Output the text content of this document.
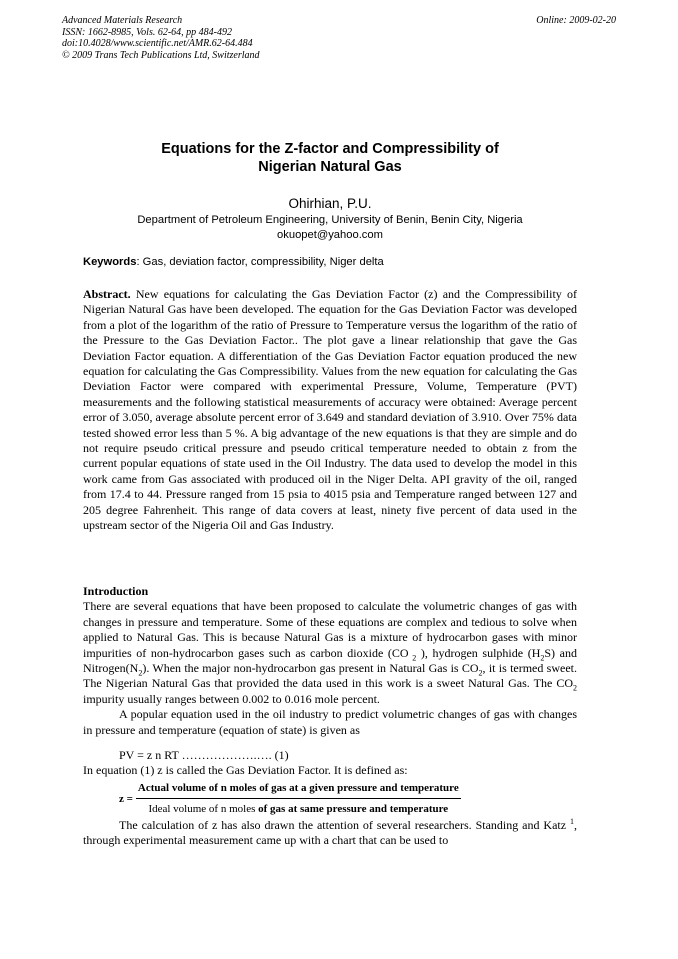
Advanced Materials Research
ISSN: 1662-8985, Vols. 62-64, pp 484-492
doi:10.4028/www.scientific.net/AMR.62-64.484
© 2009 Trans Tech Publications Ltd, Switzerland
Online: 2009-02-20
Equations for the Z-factor and Compressibility of
Nigerian Natural Gas
Ohirhian, P.U.
Department of Petroleum Engineering, University of Benin, Benin City, Nigeria
okuopet@yahoo.com
Keywords: Gas, deviation factor, compressibility, Niger delta
Abstract. New equations for calculating the Gas Deviation Factor (z) and the Compressibility of Nigerian Natural Gas have been developed. The equation for the Gas Deviation Factor was developed from a plot of the logarithm of the ratio of Pressure to Temperature versus the logarithm of the ratio of the Pressure to the Gas Deviation Factor.. The plot gave a linear relationship that gave the Gas Deviation Factor equation. A differentiation of the Gas Deviation Factor equation produced the new equation for calculating the Gas Compressibility. Values from the new equation for calculating the Gas Deviation Factor were compared with experimental Pressure, Volume, Temperature (PVT) measurements and the following statistical measurements of accuracy were obtained: Average percent error of 3.050, average absolute percent error of 3.649 and standard deviation of 3.910. Over 75% data tested showed error less than 5 %. A big advantage of the new equations is that they are simple and do not require pseudo critical pressure and pseudo critical temperature needed to obtain z from the current popular equations of state used in the Oil Industry. The data used to develop the model in this work came from Gas associated with produced oil in the Niger Delta. API gravity of the oil, ranged from 17.4 to 44. Pressure ranged from 15 psia to 4015 psia and Temperature ranged between 127 and 205 degree Fahrenheit. This range of data covers at least, ninety five percent of data used in the upstream sector of the Nigeria Oil and Gas Industry.
Introduction

There are several equations that have been proposed to calculate the volumetric changes of gas with changes in pressure and temperature. Some of these equations are complex and tedious to solve when applied to Natural Gas. This is because Natural Gas is a mixture of hydrocarbon gases with minor impurities of non-hydrocarbon gases such as carbon dioxide (CO $_2$ ), hydrogen sulphide $(H_2S)$ and $Nitrogen(N_2)$. When the major non-hydrocarbon gas present in Natural Gas is $CO_2$, it is termed sweet. The Nigerian Natural Gas that provided the data used in this work is a sweet Natural Gas. The $CO_2$ impurity usually ranges between 0.002 to 0.016 mole percent.

A popular equation used in the oil industry to predict volumetric changes of gas with changes in pressure and temperature (equation of state) is given as

PV = z n RT ……………….…. (1)

In equation (1) z is called the Gas Deviation Factor. It is defined as:

z =
Actual volume of n moles of gas at a given pressure and temperature
Ideal volume of n moles of gas at same pressure and temperature

The calculation of z has also drawn the attention of several researchers. Standing and Katz $^1$, through experimental measurement came up with a chart that can be used to
